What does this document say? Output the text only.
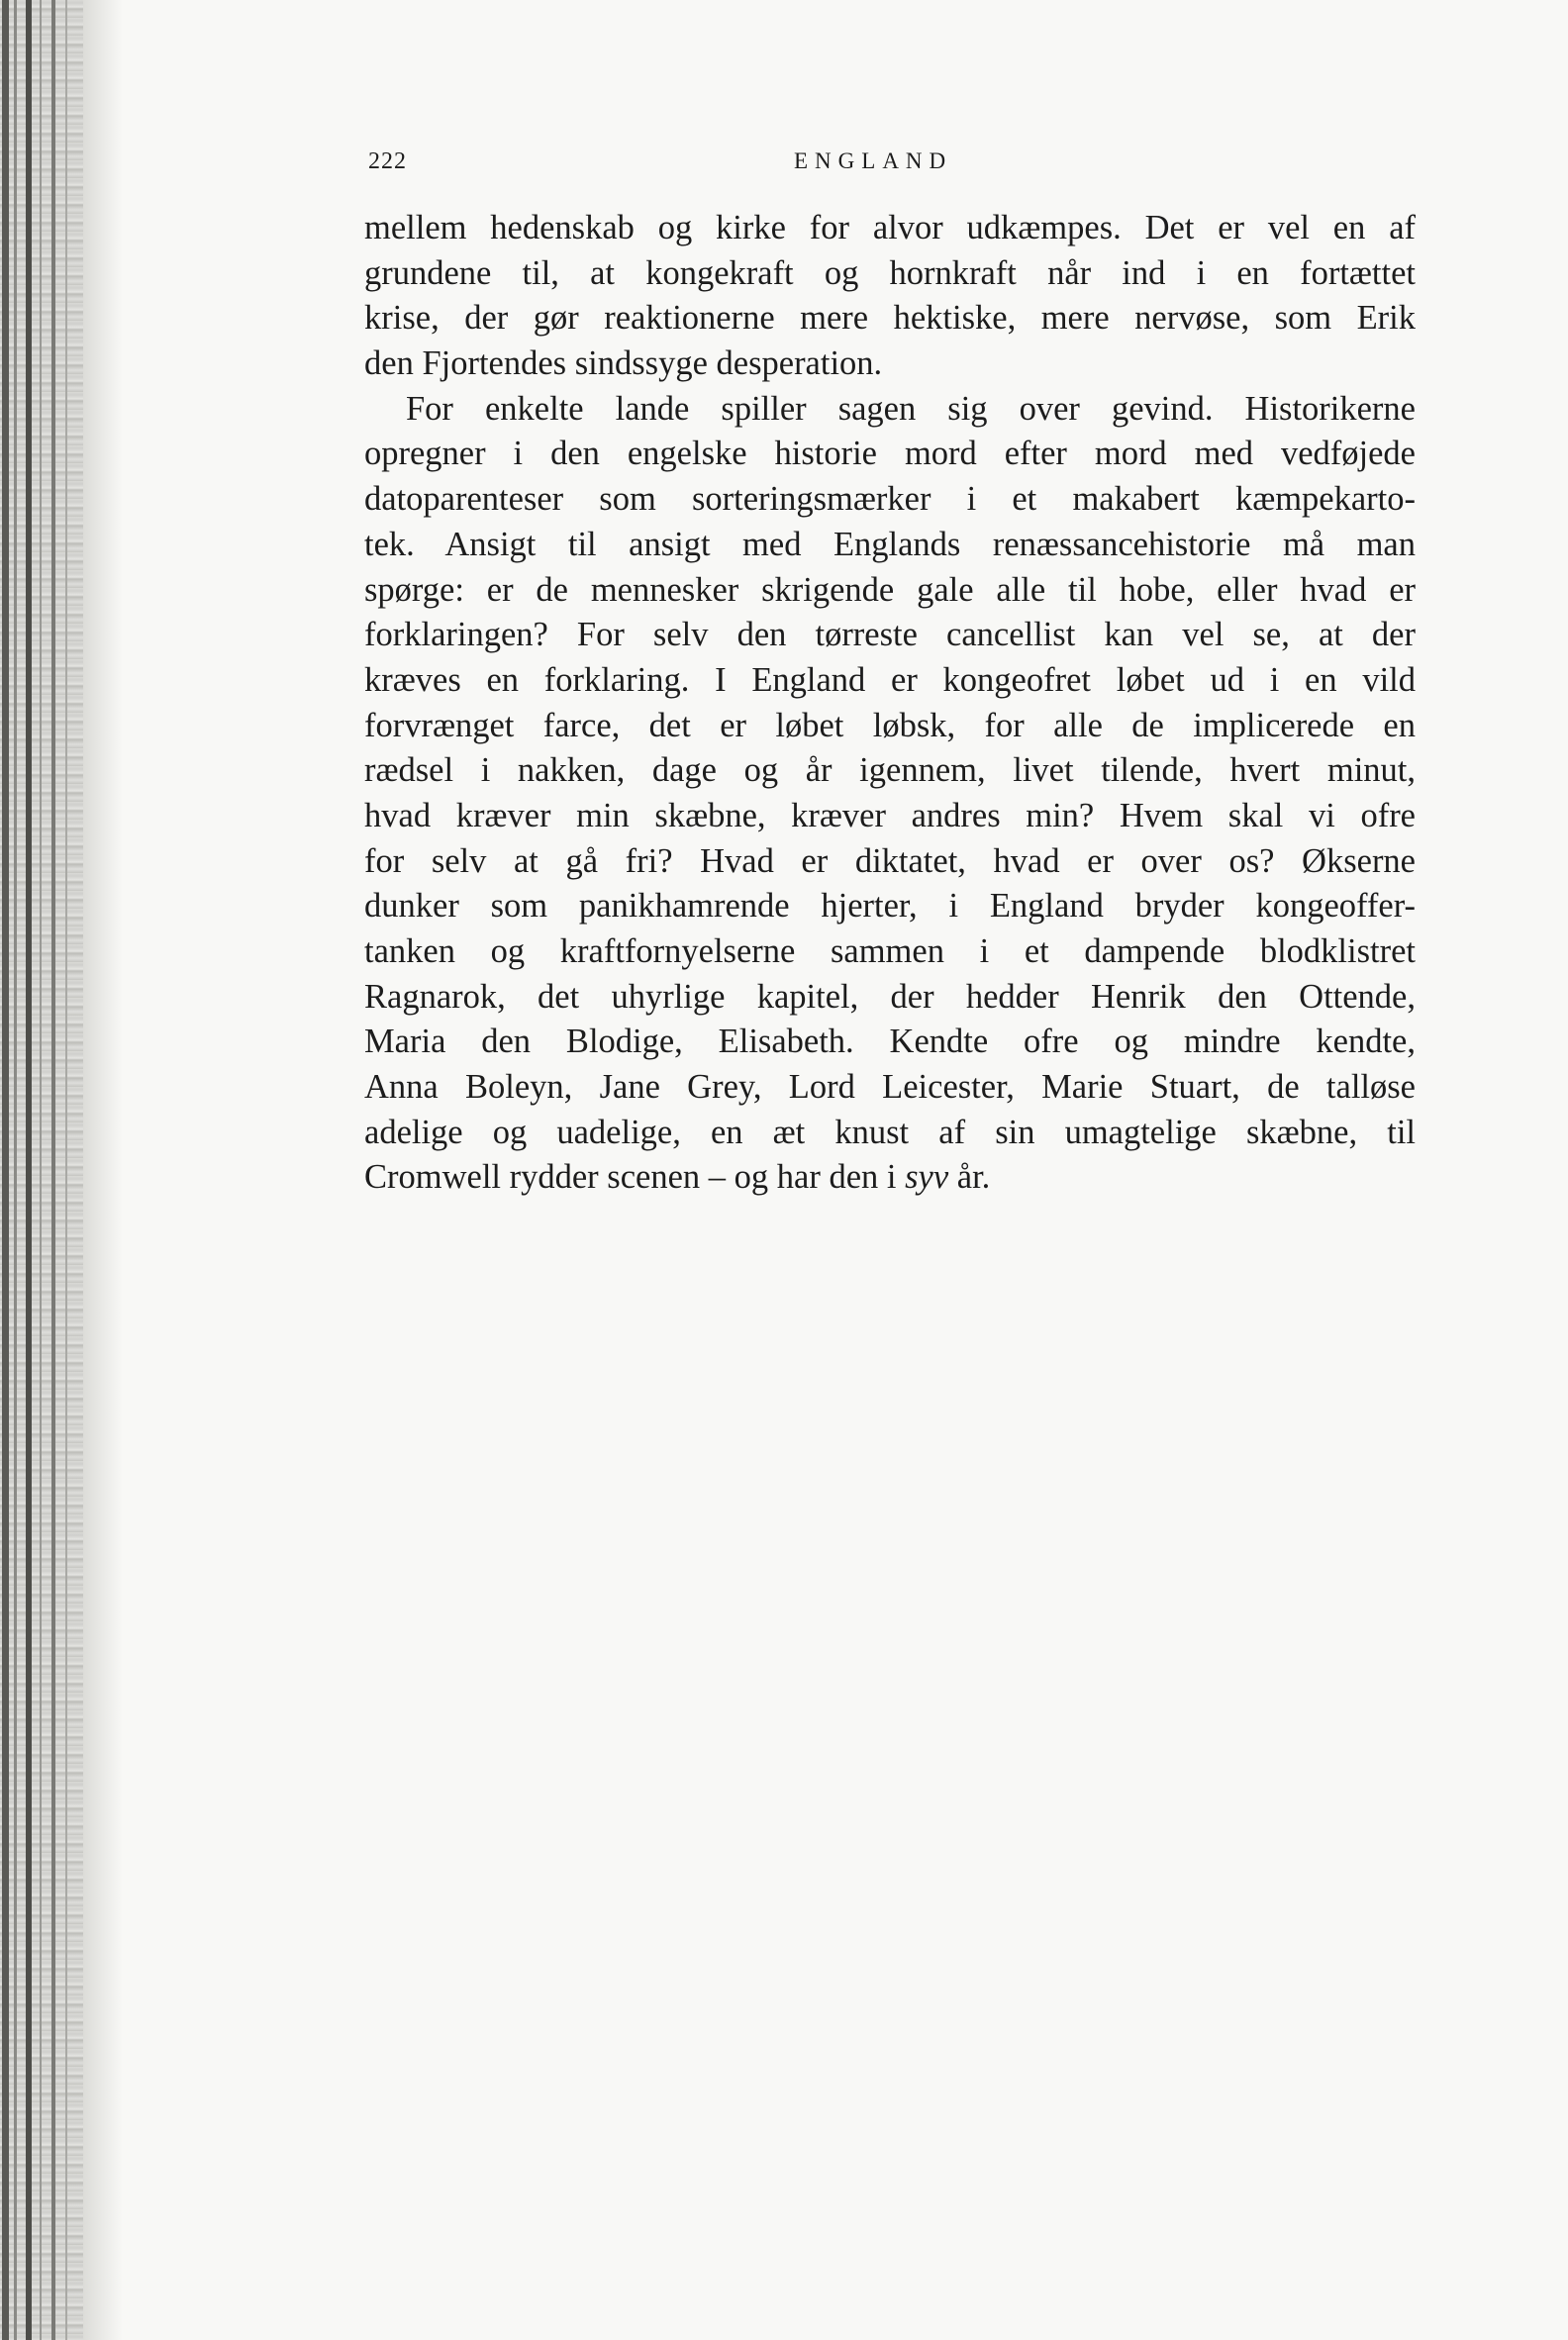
222	ENGLAND
mellem hedenskab og kirke for alvor udkæmpes. Det er vel en af
grundene til, at kongekraft og hornkraft når ind i en fortættet
krise, der gør reaktionerne mere hektiske, mere nervøse, som Erik
den Fjortendes sindssyge desperation.
For enkelte lande spiller sagen sig over gevind. Historikerne
opregner i den engelske historie mord efter mord med vedføjede
datoparenteser som sorteringsmærker i et makabert kæmpekarto-
tek. Ansigt til ansigt med Englands renæssancehistorie må man
spørge: er de mennesker skrigende gale alle til hobe, eller hvad er
forklaringen? For selv den tørreste cancellist kan vel se, at der
kræves en forklaring. I England er kongeofret løbet ud i en vild
forvrænget farce, det er løbet løbsk, for alle de implicerede en
rædsel i nakken, dage og år igennem, livet tilende, hvert minut,
hvad kræver min skæbne, kræver andres min? Hvem skal vi ofre
for selv at gå fri? Hvad er diktatet, hvad er over os? Økserne
dunker som panikhamrende hjerter, i England bryder kongeoffer-
tanken og kraftfornyelserne sammen i et dampende blodklistret
Ragnarok, det uhyrlige kapitel, der hedder Henrik den Ottende,
Maria den Blodige, Elisabeth. Kendte ofre og mindre kendte,
Anna Boleyn, Jane Grey, Lord Leicester, Marie Stuart, de talløse
adelige og uadelige, en æt knust af sin umagtelige skæbne, til
Cromwell rydder scenen – og har den i syv år.
